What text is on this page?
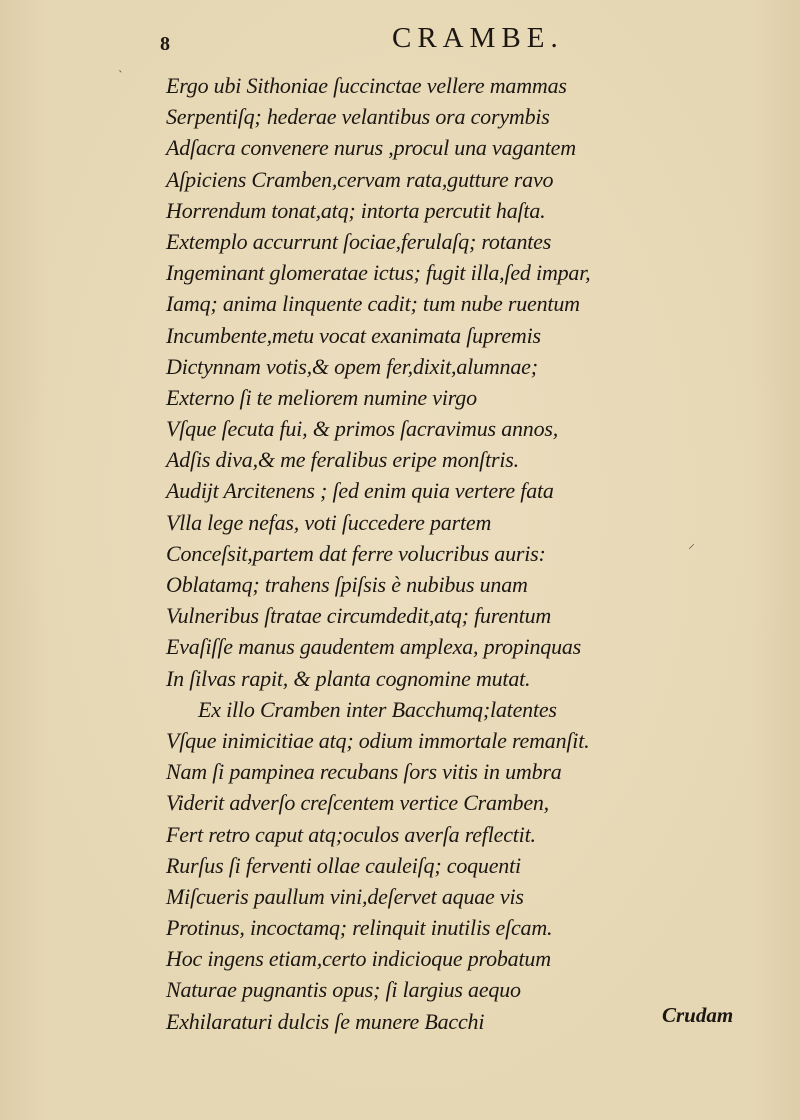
8	CRAMBE.
Ergo ubi Sithoniae ſuccinctae vellere mammas
Serpentiſq; hederae velantibus ora corymbis
Adſacra convenere nurus ,procul una vagantem
Aſpiciens Cramben,cervam rata,gutture ravo
Horrendum tonat,atq; intorta percutit haſta.
Extemplo accurrunt ſociae,ferulaſq; rotantes
Ingeminant glomeratae ictus; fugit illa,ſed impar,
Iamq; anima linquente cadit; tum nube ruentum
Incumbente,metu vocat exanimata ſupremis
Dictynnam votis,& opem fer,dixit,alumnae;
Externo ſi te meliorem numine virgo
Vſque ſecuta fui, & primos ſacravimus annos,
Adſis diva,& me feralibus eripe monſtris.
Audijt Arcitenens ; ſed enim quia vertere fata
Vlla lege nefas, voti ſuccedere partem
Conceſsit,partem dat ferre volucribus auris:
Oblatamq; trahens ſpiſsis è nubibus unam
Vulneribus ſtratae circumdedit,atq; furentum
Evaſiſſe manus gaudentem amplexa, propinquas
In ſilvas rapit, & planta cognomine mutat.
Ex illo Cramben inter Bacchumq;latentes
Vſque inimicitiae atq; odium immortale remanſit.
Nam ſi pampinea recubans ſors vitis in umbra
Viderit adverſo creſcentem vertice Cramben,
Fert retro caput atq;oculos averſa reflectit.
Rurſus ſi ferventi ollae cauleiſq; coquenti
Miſcueris paullum vini,deſervet aquae vis
Protinus, incoctamq; relinquit inutilis eſcam.
Hoc ingens etiam,certo indicioque probatum
Naturae pugnantis opus; ſi largius aequo
Exhilaraturi dulcis ſe munere Bacchi	Crudam
ˋ
⸝
